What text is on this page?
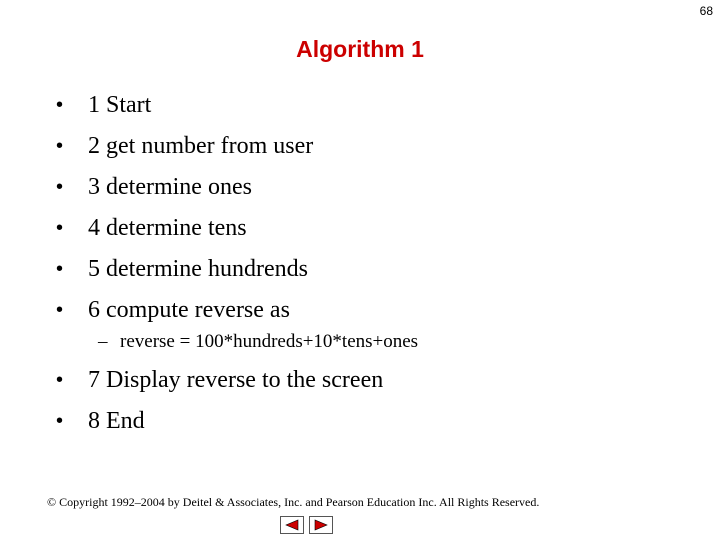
68
Algorithm 1
• 1 Start
• 2 get number from user
• 3 determine ones
• 4 determine tens
• 5 determine hundrends
• 6 compute reverse as
– reverse = 100*hundreds+10*tens+ones
• 7 Display reverse to the screen
• 8 End
© Copyright 1992–2004 by Deitel & Associates, Inc. and Pearson Education Inc. All Rights Reserved.
